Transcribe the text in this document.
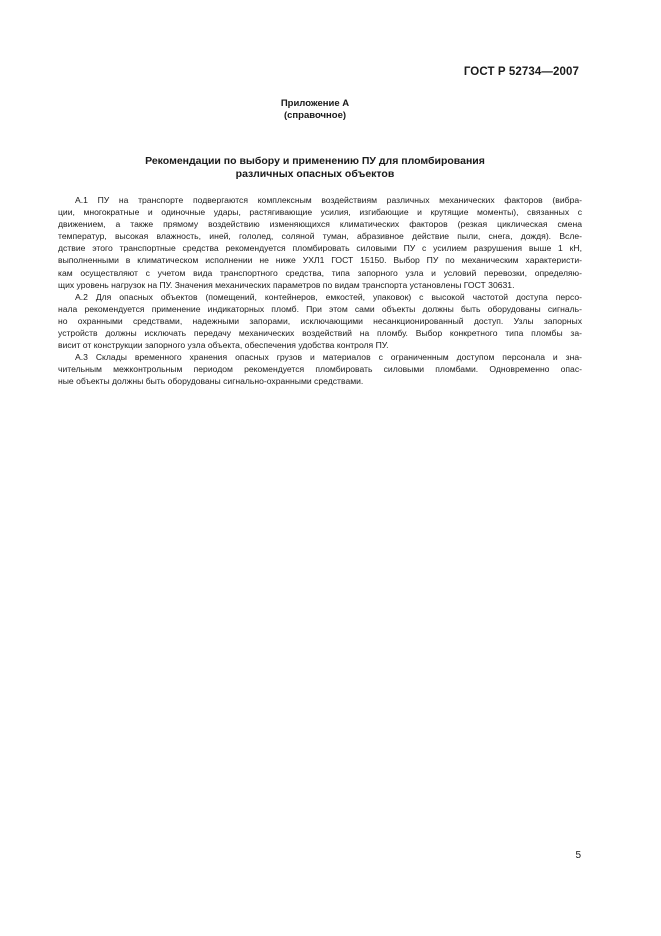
ГОСТ Р 52734—2007
Приложение А
(справочное)
Рекомендации по выбору и применению ПУ для пломбирования
различных опасных объектов
А.1 ПУ на транспорте подвергаются комплексным воздействиям различных механических факторов (вибра-
ции, многократные и одиночные удары, растягивающие усилия, изгибающие и крутящие моменты), связанных с
движением, а также прямому воздействию изменяющихся климатических факторов (резкая циклическая смена
температур, высокая влажность, иней, гололед, соляной туман, абразивное действие пыли, снега, дождя). Вслe-
дствие этого транспортные средства рекомендуется пломбировать силовыми ПУ с усилием разрушения выше 1 кН,
выполненными в климатическом исполнении не ниже УХЛ1 ГОСТ 15150. Выбор ПУ по механическим характеристи-
кам осуществляют с учетом вида транспортного средства, типа запорного узла и условий перевозки, определяю-
щих уровень нагрузок на ПУ. Значения механических параметров по видам транспорта установлены ГОСТ 30631.
А.2 Для опасных объектов (помещений, контейнеров, емкостей, упаковок) с высокой частотой доступа персо-
нала рекомендуется применение индикаторных пломб. При этом сами объекты должны быть оборудованы сигналь-
но охранными средствами, надежными запорами, исключающими несанкционированный доступ. Узлы запорных
устройств должны исключать передачу механических воздействий на пломбу. Выбор конкретного типа пломбы за-
висит от конструкции запорного узла объекта, обеспечения удобства контроля ПУ.
А.3 Склады временного хранения опасных грузов и материалов с ограниченным доступом персонала и зна-
чительным межконтрольным периодом рекомендуется пломбировать силовыми пломбами. Одновременно опас-
ные объекты должны быть оборудованы сигнально-охранными средствами.
5
